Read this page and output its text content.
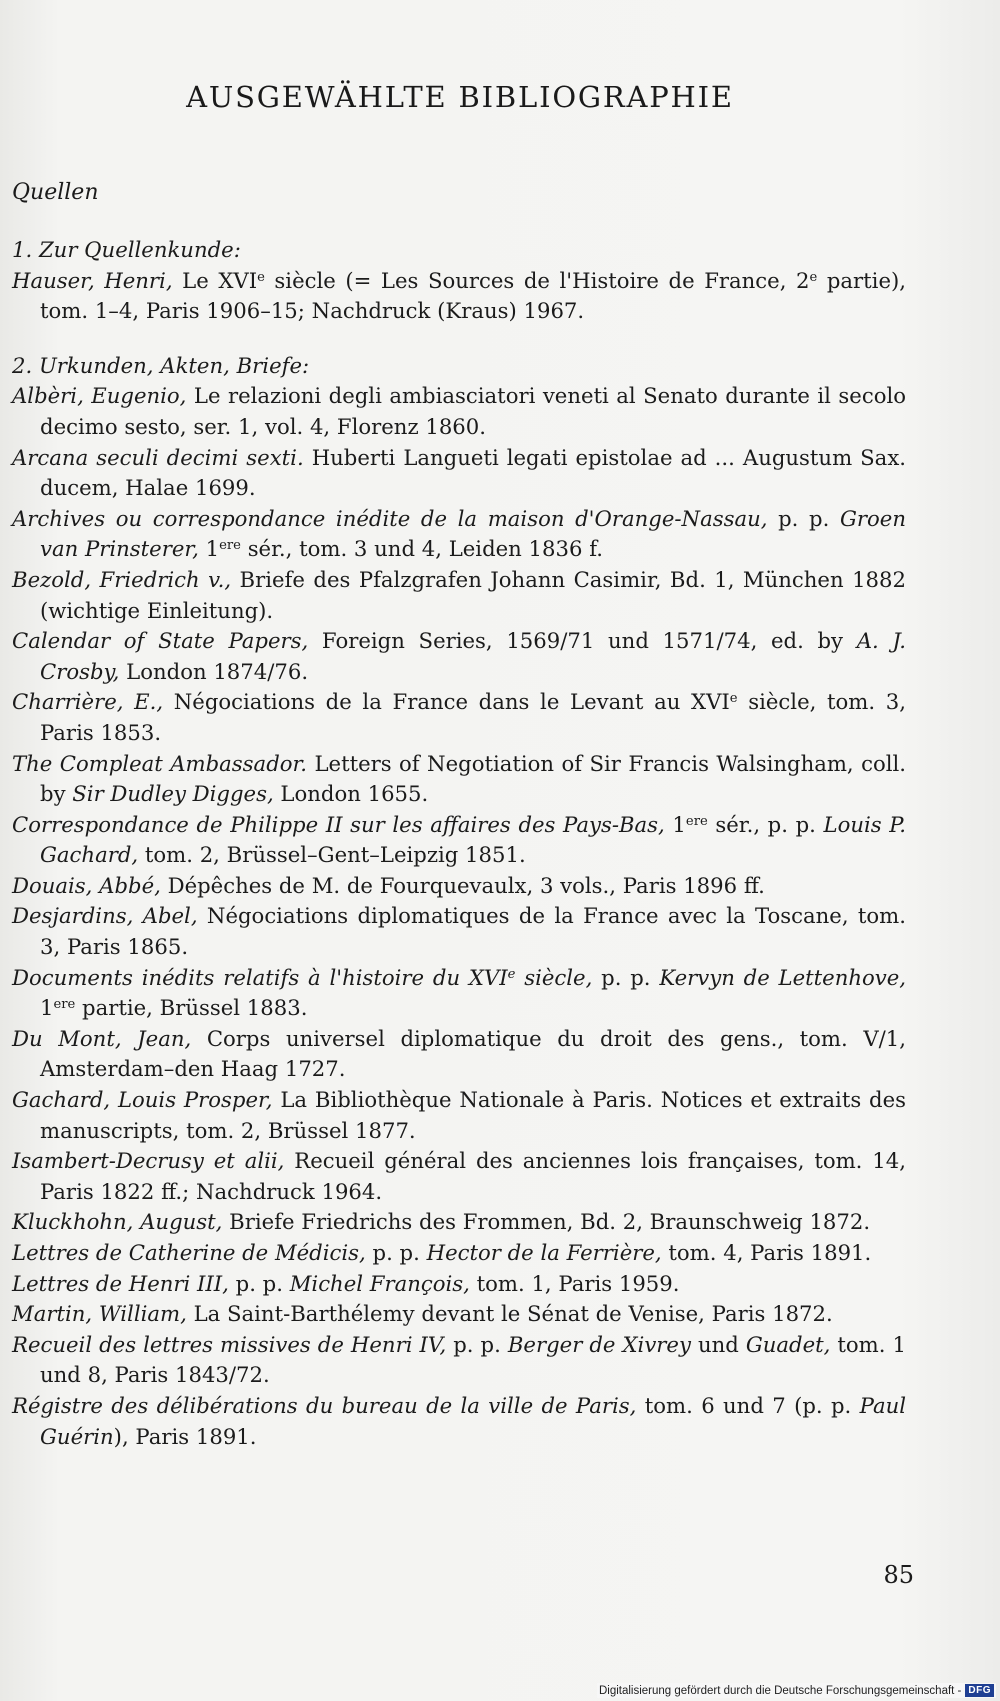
AUSGEWÄHLTE BIBLIOGRAPHIE
Quellen

1. Zur Quellenkunde:

Hauser, Henri, Le XVIe siècle (= Les Sources de l'Histoire de France, 2e partie), tom. 1–4, Paris 1906–15; Nachdruck (Kraus) 1967.

2. Urkunden, Akten, Briefe:

Albèri, Eugenio, Le relazioni degli ambiasciatori veneti al Senato durante il secolo decimo sesto, ser. 1, vol. 4, Florenz 1860.

Arcana seculi decimi sexti. Huberti Langueti legati epistolae ad ... Augustum Sax. ducem, Halae 1699.

Archives ou correspondance inédite de la maison d'Orange-Nassau, p. p. Groen van Prinsterer, 1ere sér., tom. 3 und 4, Leiden 1836 f.

Bezold, Friedrich v., Briefe des Pfalzgrafen Johann Casimir, Bd. 1, München 1882 (wichtige Einleitung).

Calendar of State Papers, Foreign Series, 1569/71 und 1571/74, ed. by A. J. Crosby, London 1874/76.

Charrière, E., Négociations de la France dans le Levant au XVIe siècle, tom. 3, Paris 1853.

The Compleat Ambassador. Letters of Negotiation of Sir Francis Walsingham, coll. by Sir Dudley Digges, London 1655.

Correspondance de Philippe II sur les affaires des Pays-Bas, 1ere sér., p. p. Louis P. Gachard, tom. 2, Brüssel–Gent–Leipzig 1851.

Douais, Abbé, Dépêches de M. de Fourquevaulx, 3 vols., Paris 1896 ff.

Desjardins, Abel, Négociations diplomatiques de la France avec la Toscane, tom. 3, Paris 1865.

Documents inédits relatifs à l'histoire du XVIe siècle, p. p. Kervyn de Lettenhove, 1ere partie, Brüssel 1883.

Du Mont, Jean, Corps universel diplomatique du droit des gens., tom. V/1, Amsterdam–den Haag 1727.

Gachard, Louis Prosper, La Bibliothèque Nationale à Paris. Notices et extraits des manuscripts, tom. 2, Brüssel 1877.

Isambert-Decrusy et alii, Recueil général des anciennes lois françaises, tom. 14, Paris 1822 ff.; Nachdruck 1964.

Kluckhohn, August, Briefe Friedrichs des Frommen, Bd. 2, Braunschweig 1872.

Lettres de Catherine de Médicis, p. p. Hector de la Ferrière, tom. 4, Paris 1891.

Lettres de Henri III, p. p. Michel François, tom. 1, Paris 1959.

Martin, William, La Saint-Barthélemy devant le Sénat de Venise, Paris 1872.

Recueil des lettres missives de Henri IV, p. p. Berger de Xivrey und Guadet, tom. 1 und 8, Paris 1843/72.

Régistre des délibérations du bureau de la ville de Paris, tom. 6 und 7 (p. p. Paul Guérin), Paris 1891.

85
Digitalisierung gefördert durch die Deutsche Forschungsgemeinschaft - DFG
